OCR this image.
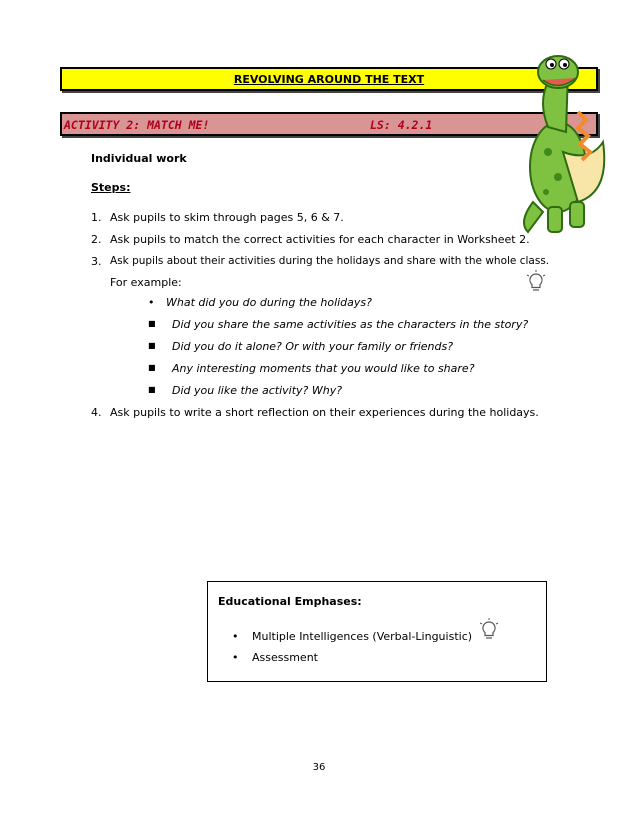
REVOLVING AROUND THE TEXT
ACTIVITY 2: MATCH ME!	LS: 4.2.1
Individual work
Steps:
1. Ask pupils to skim through pages 5, 6 & 7.
2. Ask pupils to match the correct activities for each character in Worksheet 2.
3. Ask pupils about their activities during the holidays and share with the whole class.
For example:
• What did you do during the holidays?
■ Did you share the same activities as the characters in the story?
■ Did you do it alone? Or with your family or friends?
■ Any interesting moments that you would like to share?
■ Did you like the activity? Why?
4. Ask pupils to write a short reflection on their experiences during the holidays.
Educational Emphases:
• Multiple Intelligences (Verbal-Linguistic)
• Assessment
36
